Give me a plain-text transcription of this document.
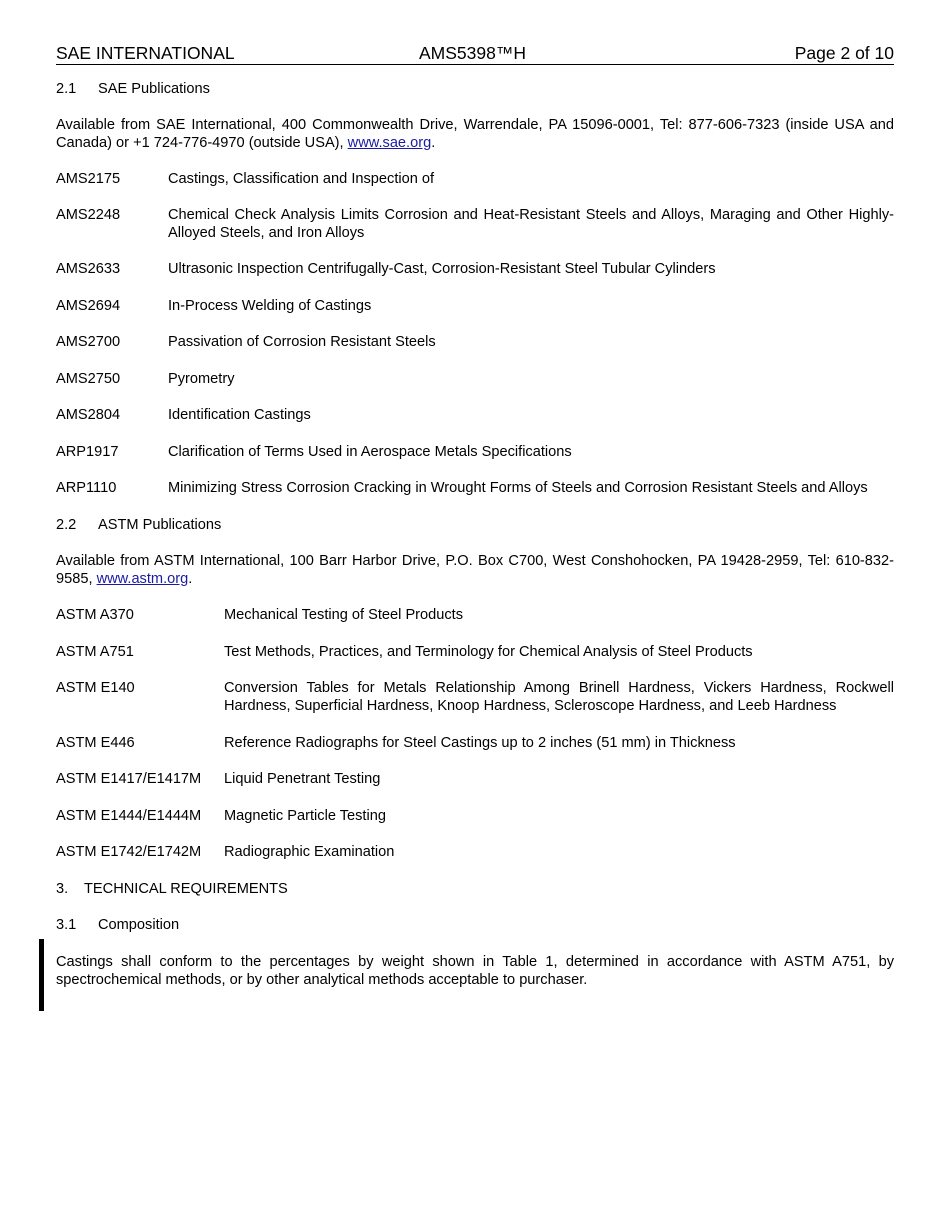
SAE INTERNATIONAL	AMS5398™H	Page 2 of 10
2.1 SAE Publications
Available from SAE International, 400 Commonwealth Drive, Warrendale, PA 15096-0001, Tel: 877-606-7323 (inside USA and Canada) or +1 724-776-4970 (outside USA), www.sae.org.
AMS2175	Castings, Classification and Inspection of
AMS2248	Chemical Check Analysis Limits Corrosion and Heat-Resistant Steels and Alloys, Maraging and Other Highly-Alloyed Steels, and Iron Alloys
AMS2633	Ultrasonic Inspection Centrifugally-Cast, Corrosion-Resistant Steel Tubular Cylinders
AMS2694	In-Process Welding of Castings
AMS2700	Passivation of Corrosion Resistant Steels
AMS2750	Pyrometry
AMS2804	Identification Castings
ARP1917	Clarification of Terms Used in Aerospace Metals Specifications
ARP1110	Minimizing Stress Corrosion Cracking in Wrought Forms of Steels and Corrosion Resistant Steels and Alloys
2.2 ASTM Publications
Available from ASTM International, 100 Barr Harbor Drive, P.O. Box C700, West Conshohocken, PA 19428-2959, Tel: 610-832-9585, www.astm.org.
ASTM A370	Mechanical Testing of Steel Products
ASTM A751	Test Methods, Practices, and Terminology for Chemical Analysis of Steel Products
ASTM E140	Conversion Tables for Metals Relationship Among Brinell Hardness, Vickers Hardness, Rockwell Hardness, Superficial Hardness, Knoop Hardness, Scleroscope Hardness, and Leeb Hardness
ASTM E446	Reference Radiographs for Steel Castings up to 2 inches (51 mm) in Thickness
ASTM E1417/E1417M	Liquid Penetrant Testing
ASTM E1444/E1444M	Magnetic Particle Testing
ASTM E1742/E1742M	Radiographic Examination
3. TECHNICAL REQUIREMENTS
3.1 Composition
Castings shall conform to the percentages by weight shown in Table 1, determined in accordance with ASTM A751, by spectrochemical methods, or by other analytical methods acceptable to purchaser.
